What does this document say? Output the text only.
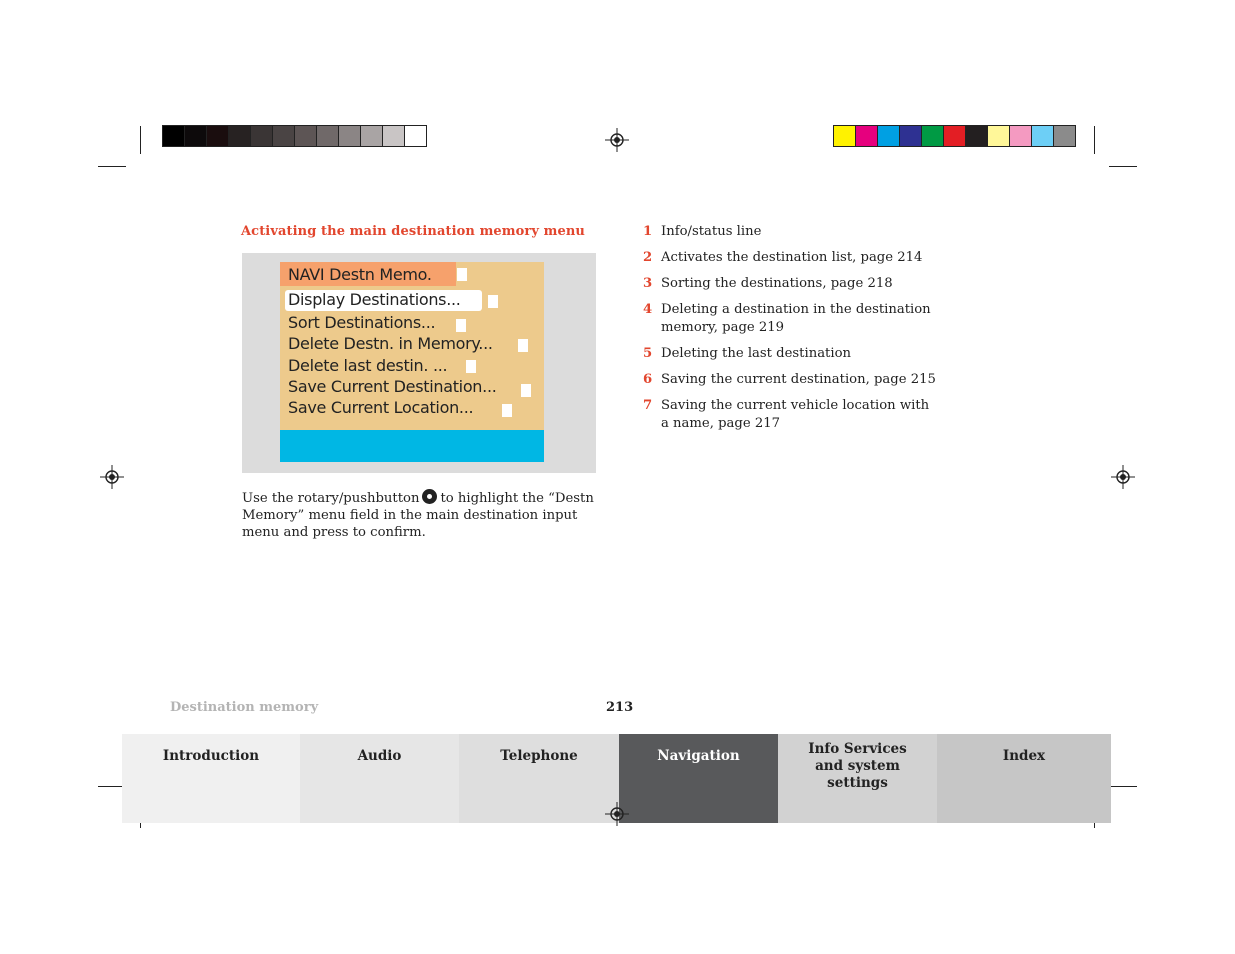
Activating the main destination memory menu
NAVI Destn Memo.
Display Destinations...
Sort Destinations...
Delete Destn. in Memory...
Delete last destin. ...
Save Current Destination...
Save Current Location...
Use the rotary/pushbutton to highlight the “Destn Memory” menu field in the main destination input menu and press to confirm.
1 Info/status line
2 Activates the destination list, page 214
3 Sorting the destinations, page 218
4 Deleting a destination in the destination memory, page 219
5 Deleting the last destination
6 Saving the current destination, page 215
7 Saving the current vehicle location with a name, page 217
Destination memory	213
Introduction	Audio	Telephone	Navigation	Info Services and system settings
Index
